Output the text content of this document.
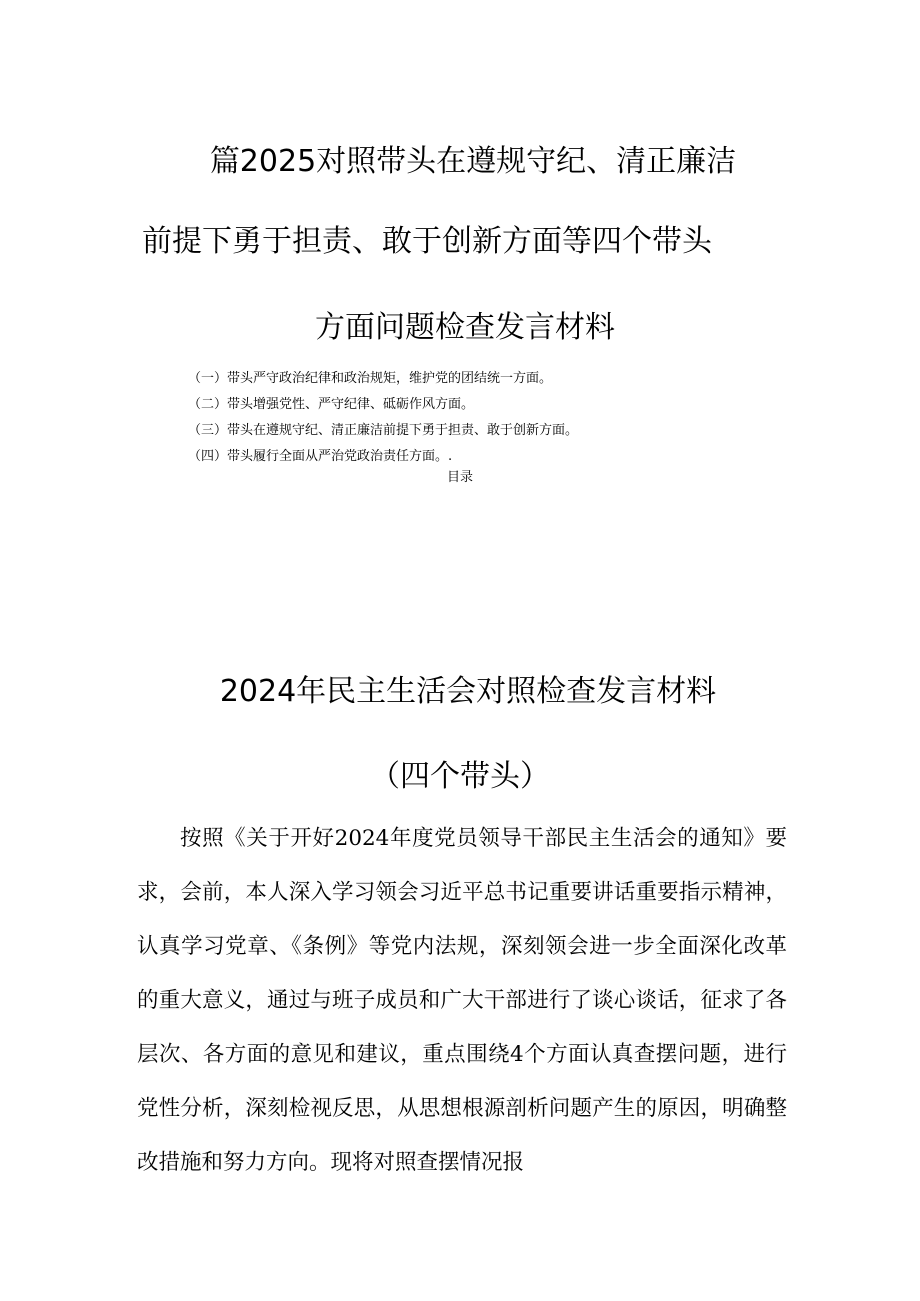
篇2025对照带头在遵规守纪、清正廉洁
前提下勇于担责、敢于创新方面等四个带头
方面问题检查发言材料
（一）带头严守政治纪律和政治规矩，维护党的团结统一方面。
（二）带头增强党性、严守纪律、砥砺作风方面。
（三）带头在遵规守纪、清正廉洁前提下勇于担责、敢于创新方面。
（四）带头履行全面从严治党政治责任方面。.
目录
2024年民主生活会对照检查发言材料
（四个带头）

按照《关于开好2024年度党员领导干部民主生活会的通知》要求，会前，本人深入学习领会习近平总书记重要讲话重要指示精神，认真学习党章、《条例》等党内法规，深刻领会进一步全面深化改革的重大意义，通过与班子成员和广大干部进行了谈心谈话，征求了各层次、各方面的意见和建议，重点围绕4个方面认真查摆问题，进行党性分析，深刻检视反思，从思想根源剖析问题产生的原因，明确整改措施和努力方向。现将对照查摆情况报
